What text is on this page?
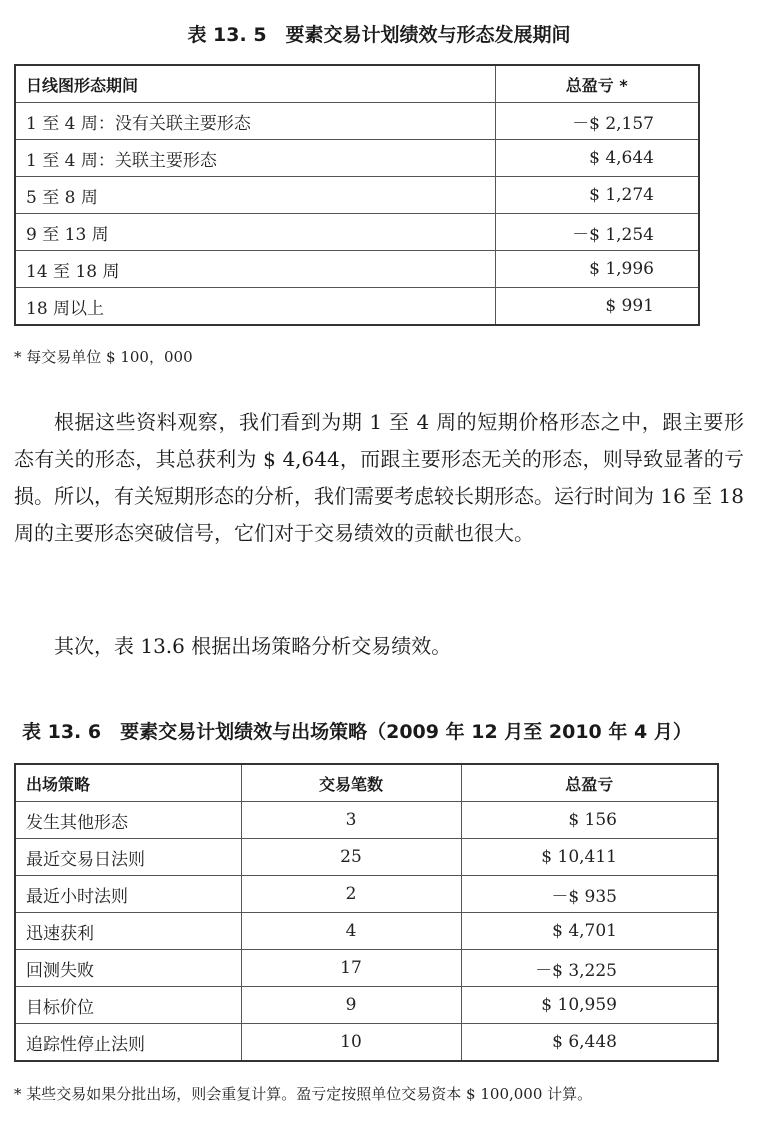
表 13. 5　要素交易计划绩效与形态发展期间
日线图形态期间	总盈亏 *
1 至 4 周：没有关联主要形态	－$ 2,157
1 至 4 周：关联主要形态	$ 4,644
5 至 8 周	$ 1,274
9 至 13 周	－$ 1,254
14 至 18 周	$ 1,996
18 周以上	$ 991
* 每交易单位 $ 100，000

根据这些资料观察，我们看到为期 1 至 4 周的短期价格形态之中，跟主要形态有关的形态，其总获利为 $ 4,644，而跟主要形态无关的形态，则导致显著的亏损。所以，有关短期形态的分析，我们需要考虑较长期形态。运行时间为 16 至 18 周的主要形态突破信号，它们对于交易绩效的贡献也很大。

其次，表 13.6 根据出场策略分析交易绩效。

表 13. 6　要素交易计划绩效与出场策略（2009 年 12 月至 2010 年 4 月）
出场策略	交易笔数	总盈亏
发生其他形态	3	$ 156
最近交易日法则	25	$ 10,411
最近小时法则	2	－$ 935
迅速获利	4	$ 4,701
回测失败	17	－$ 3,225
目标价位	9	$ 10,959
追踪性停止法则	10	$ 6,448
* 某些交易如果分批出场，则会重复计算。盈亏定按照单位交易资本 $ 100,000 计算。
